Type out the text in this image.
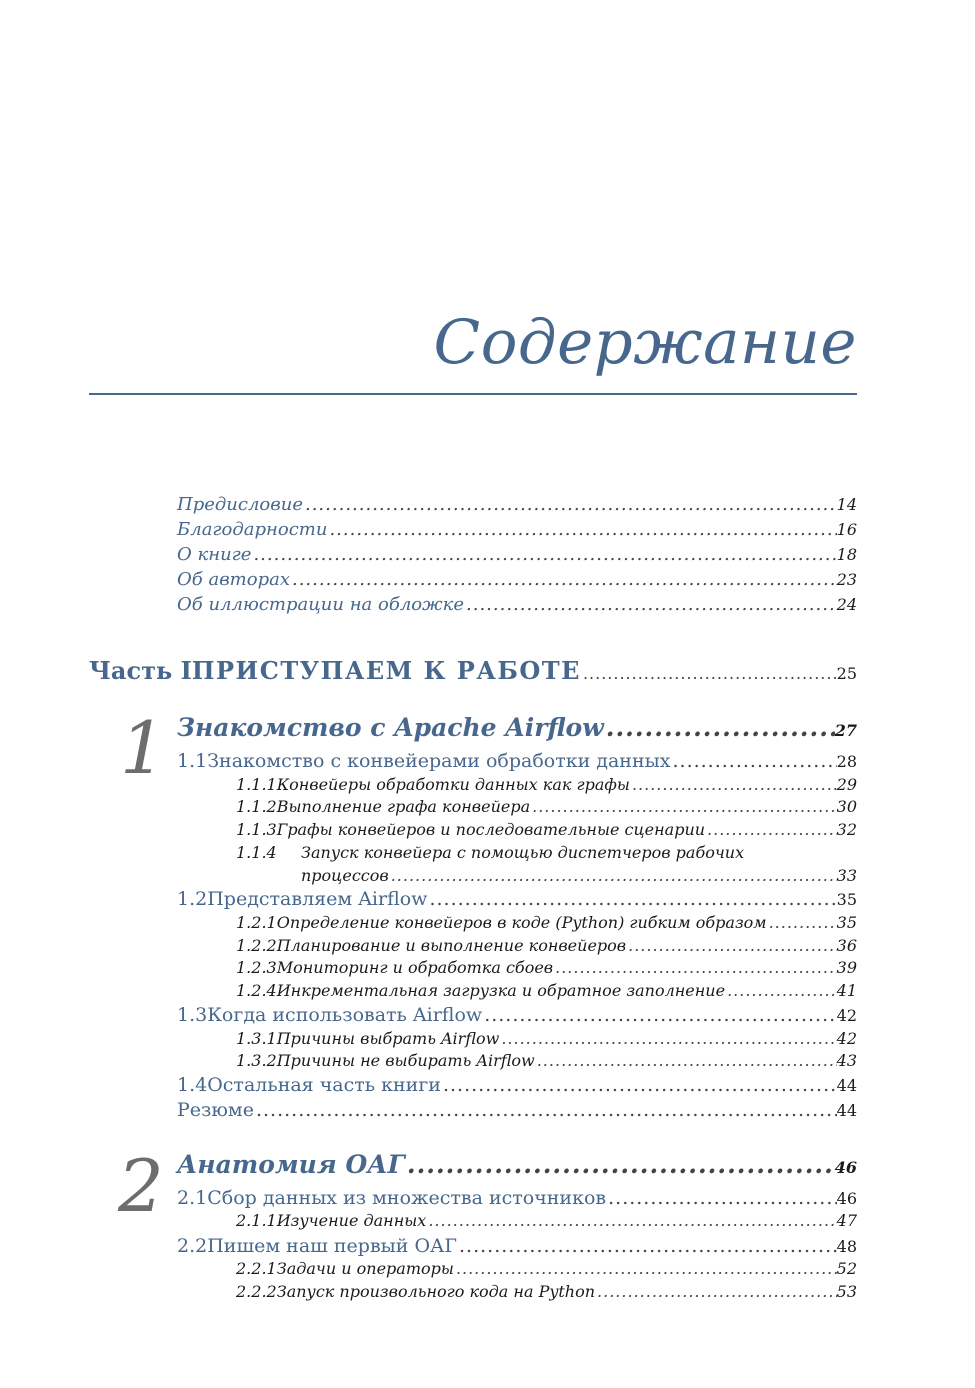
Содержание
Предисловие .....	14
Благодарности .....	16
О книге .....	18
Об авторах .....	23
Об иллюстрации на обложке .....	24
Часть I ПРИСТУПАЕМ К РАБОТЕ .....	25
1 Знакомство с Apache Airflow .....	27
1.1 Знакомство с конвейерами обработки данных .....	28
1.1.1 Конвейеры обработки данных как графы .....	29
1.1.2 Выполнение графа конвейера .....	30
1.1.3 Графы конвейеров и последовательные сценарии .....	32
1.1.4	Запуск конвейера с помощью диспетчеров рабочих
процессов .....	33
1.2 Представляем Airflow .....	35
1.2.1 Определение конвейеров в коде (Python) гибким образом .....	35
1.2.2 Планирование и выполнение конвейеров .....	36
1.2.3 Мониторинг и обработка сбоев .....	39
1.2.4 Инкрементальная загрузка и обратное заполнение .....	41
1.3 Когда использовать Airflow .....	42
1.3.1 Причины выбрать Airflow .....	42
1.3.2 Причины не выбирать Airflow .....	43
1.4 Остальная часть книги .....	44
Резюме .....	44
2 Анатомия ОАГ .....	46
2.1 Сбор данных из множества источников .....	46
2.1.1 Изучение данных .....	47
2.2 Пишем наш первый ОАГ .....	48
2.2.1 Задачи и операторы .....	52
2.2.2 Запуск произвольного кода на Python .....	53
